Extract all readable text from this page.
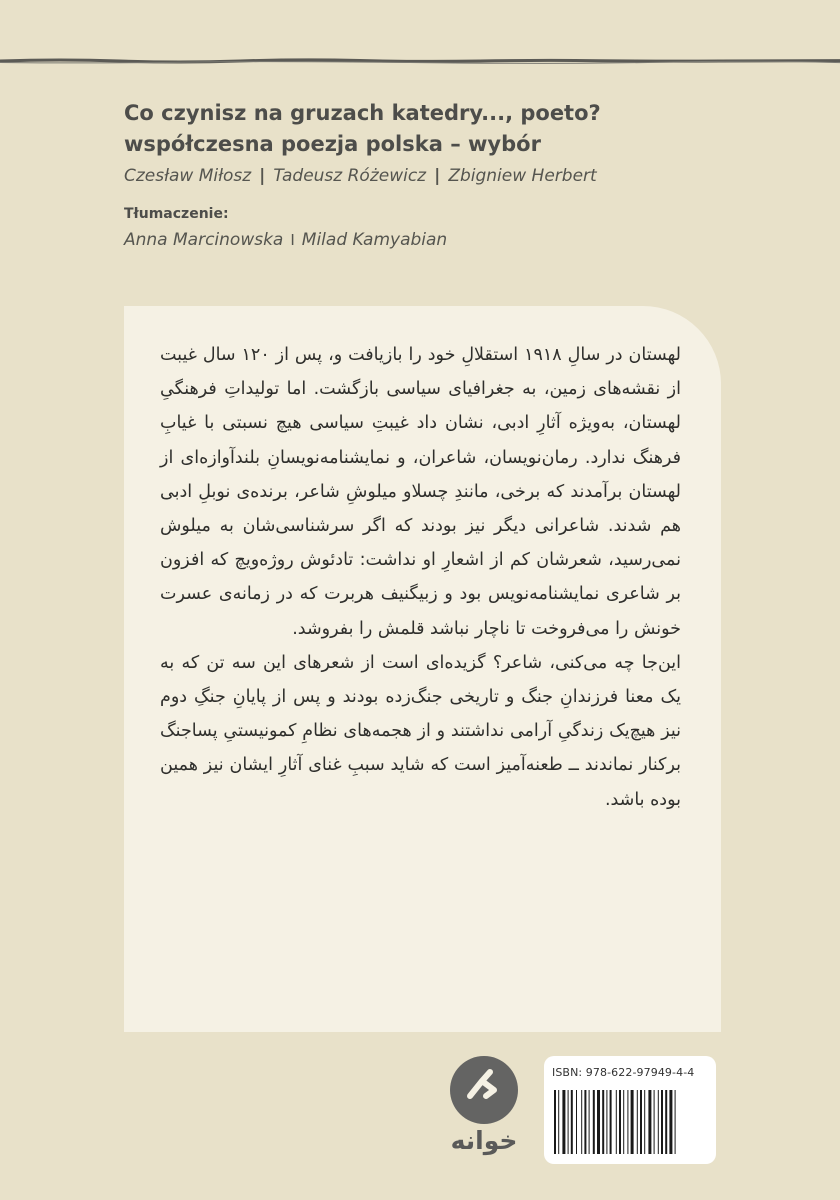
Co czynisz na gruzach katedry..., poeto?
współczesna poezja polska – wybór
Czesław Miłosz | Tadeusz Różewicz | Zbigniew Herbert
Tłumaczenie:
Anna Marcinowska I Milad Kamyabian

لهستان در سالِ ۱۹۱۸ استقلالِ خود را بازیافت و، پس از ۱۲۰ سال غیبت از نقشه‌های زمین، به جغرافیای سیاسی بازگشت. اما تولیداتِ فرهنگیِ لهستان، به‌ویژه آثارِ ادبی، نشان داد غیبتِ سیاسی هیچ نسبتی با غیابِ فرهنگ ندارد. رمان‌نویسان، شاعران، و نمایشنامه‌نویسانِ بلندآوازه‌ای از لهستان برآمدند که برخی، مانندِ چسلاو میلوشِ شاعر، برنده‌ی نوبلِ ادبی هم شدند. شاعرانی دیگر نیز بودند که اگر سرشناسی‌شان به میلوش نمی‌رسید، شعرشان کم از اشعارِ او نداشت: تادئوش روژه‌ویچ که افزون بر شاعری نمایشنامه‌نویس بود و زبیگنیف هربرت که در زمانه‌ی عسرت خونش را می‌فروخت تا ناچار نباشد قلمش را بفروشد.

این‌جا چه می‌کنی، شاعر؟ گزیده‌ای است از شعرهای این سه تن که به یک معنا فرزندانِ جنگ و تاریخی جنگ‌زده بودند و پس از پایانِ جنگِ دوم نیز هیچ‌یک زندگیِ آرامی نداشتند و از هجمه‌های نظامِ کمونیستیِ پساجنگ برکنار نماندند ــ طعنه‌آمیز است که شاید سببِ غنای آثارِ ایشان نیز همین بوده باشد.

خوانه
ISBN: 978-622-97949-4-4
